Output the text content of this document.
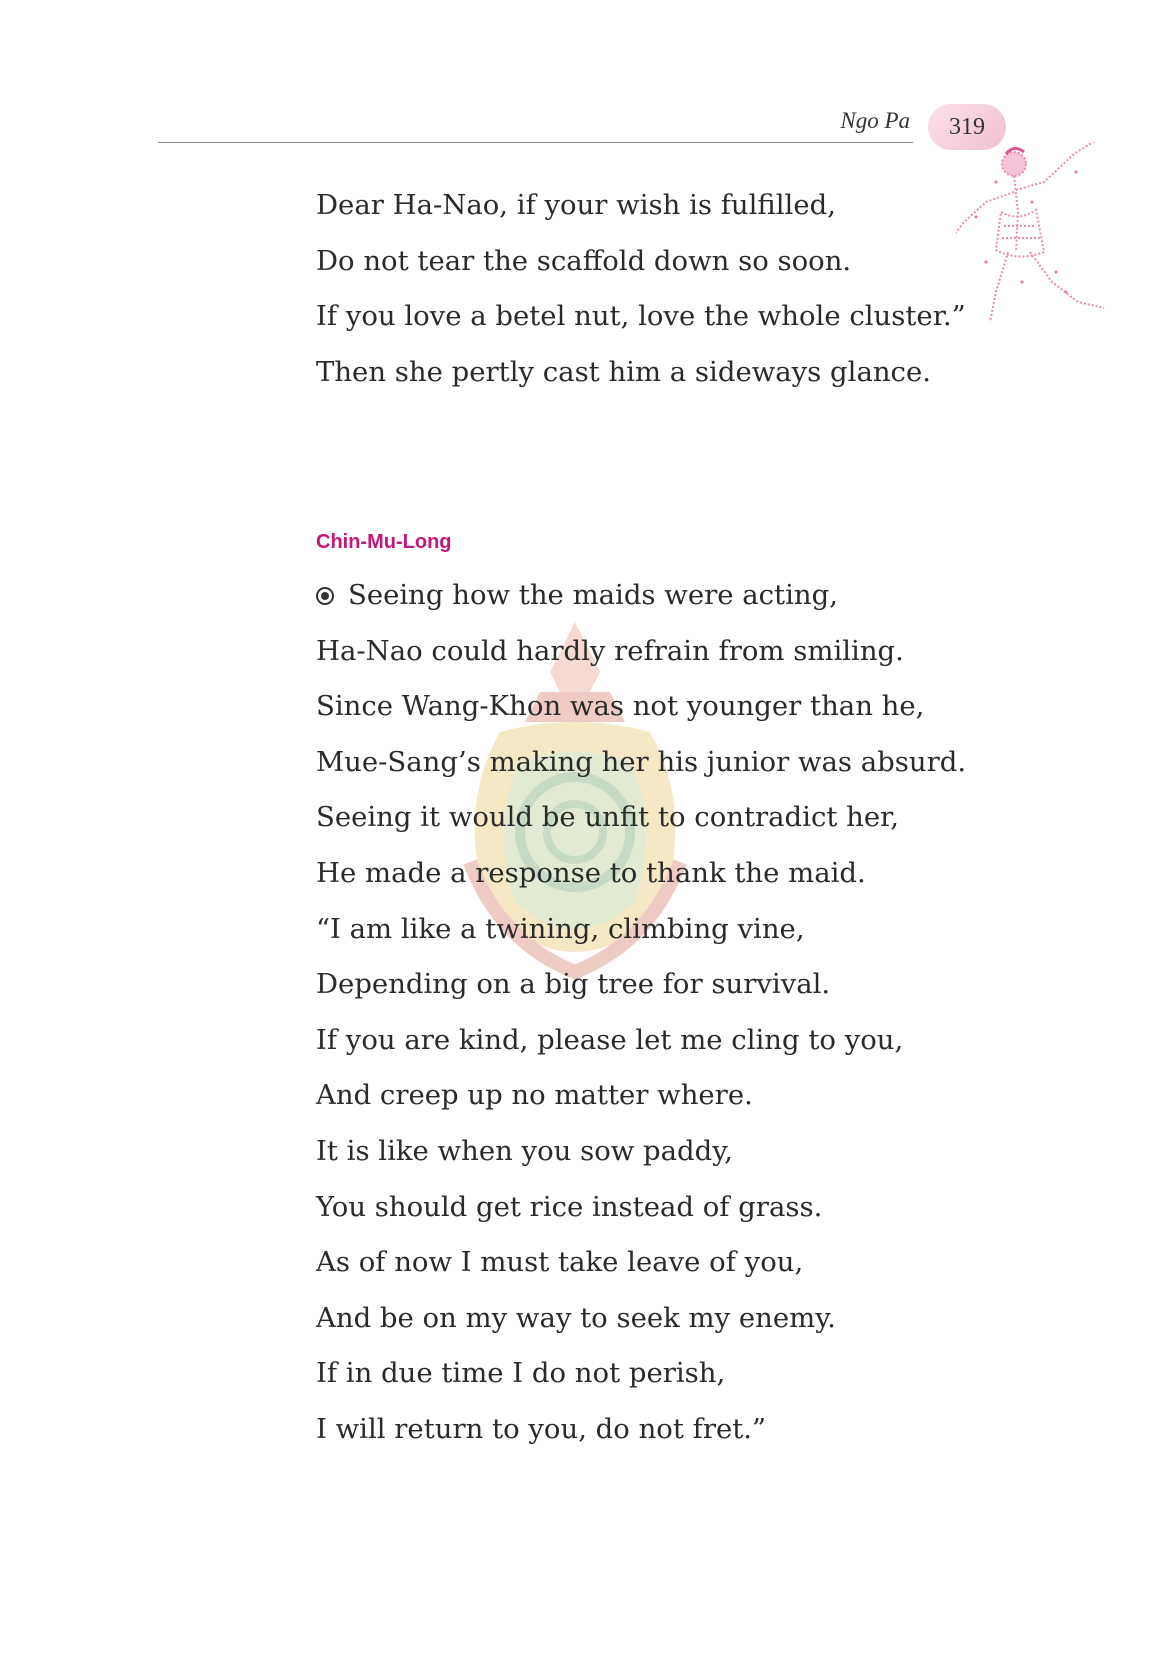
Ngo Pa 319

Dear Ha-Nao, if your wish is fulfilled,

Do not tear the scaffold down so soon.

If you love a betel nut, love the whole cluster.”

Then she pertly cast him a sideways glance.

Chin-Mu-Long

Seeing how the maids were acting,

Ha-Nao could hardly refrain from smiling.

Since Wang-Khon was not younger than he,

Mue-Sang’s making her his junior was absurd.

Seeing it would be unfit to contradict her,

He made a response to thank the maid.

“I am like a twining, climbing vine,

Depending on a big tree for survival.

If you are kind, please let me cling to you,

And creep up no matter where.

It is like when you sow paddy,

You should get rice instead of grass.

As of now I must take leave of you,

And be on my way to seek my enemy.

If in due time I do not perish,

I will return to you, do not fret.”
